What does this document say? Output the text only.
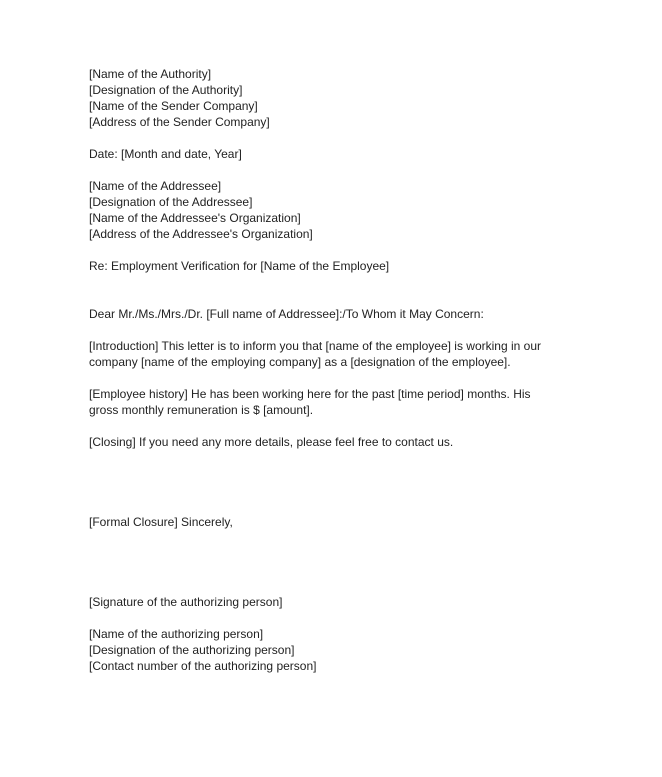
[Name of the Authority]
[Designation of the Authority]
[Name of the Sender Company]
[Address of the Sender Company]
Date: [Month and date, Year]
[Name of the Addressee]
[Designation of the Addressee]
[Name of the Addressee's Organization]
[Address of the Addressee's Organization]
Re: Employment Verification for [Name of the Employee]
Dear Mr./Ms./Mrs./Dr. [Full name of Addressee]:/To Whom it May Concern:
[Introduction] This letter is to inform you that [name of the employee] is working in our
company [name of the employing company] as a [designation of the employee].
[Employee history] He has been working here for the past [time period] months. His
gross monthly remuneration is $ [amount].
[Closing] If you need any more details, please feel free to contact us.
[Formal Closure] Sincerely,
[Signature of the authorizing person]
[Name of the authorizing person]
[Designation of the authorizing person]
[Contact number of the authorizing person]
